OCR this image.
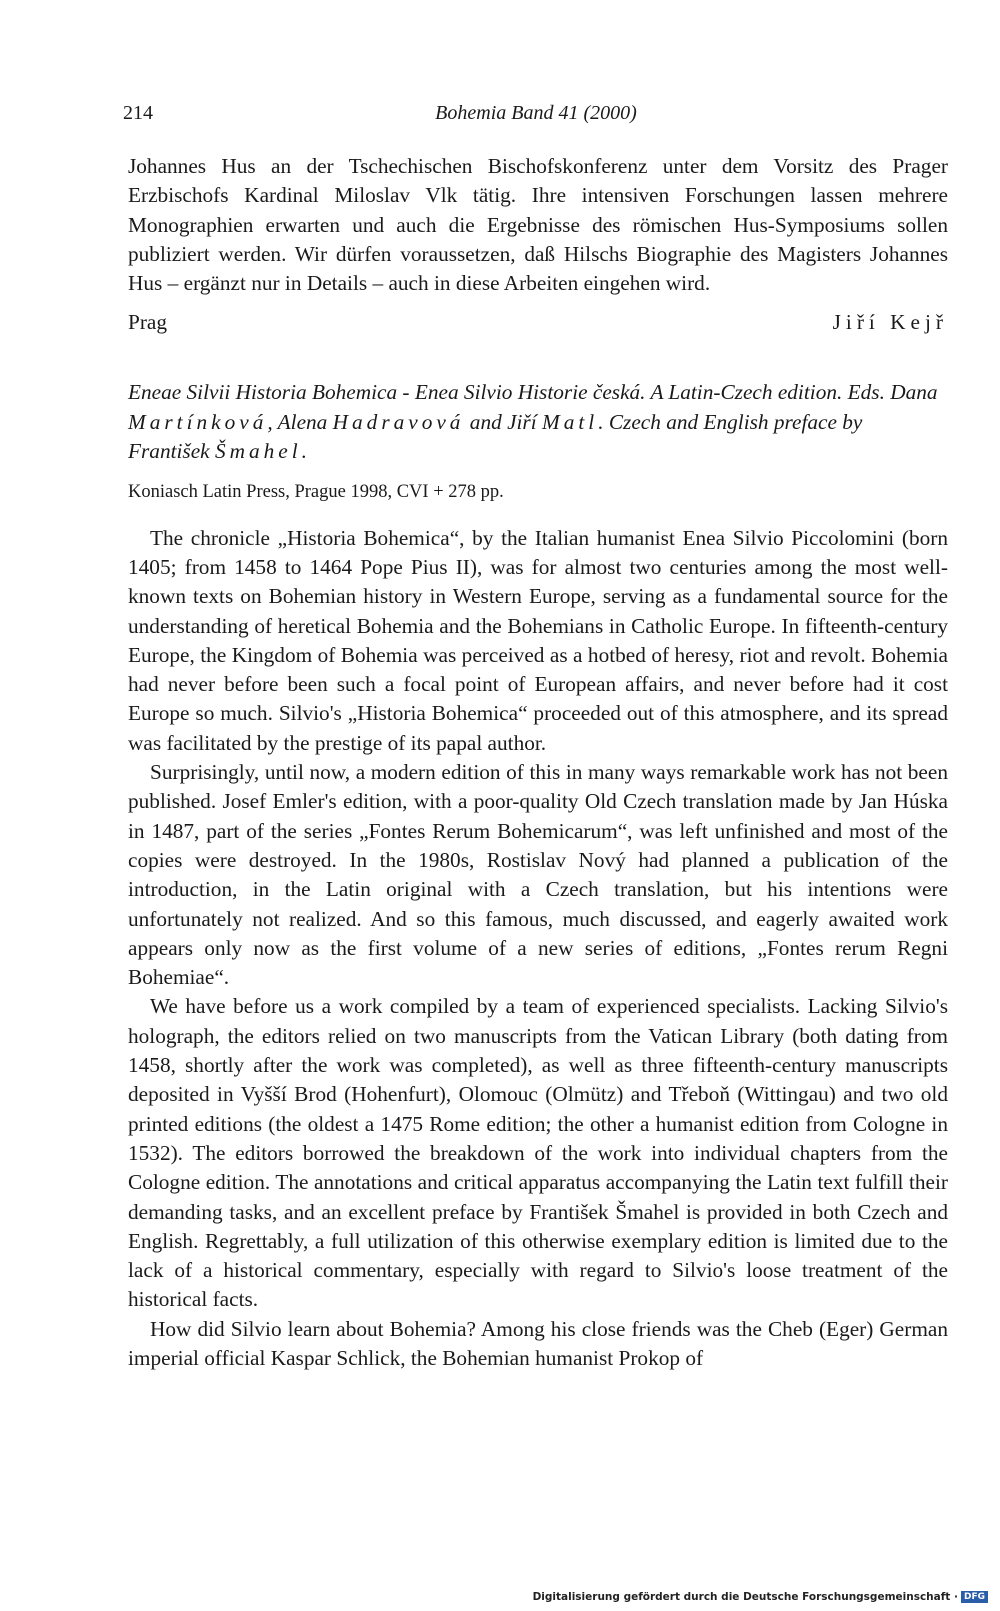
214	Bohemia Band 41 (2000)

Johannes Hus an der Tschechischen Bischofskonferenz unter dem Vorsitz des Prager Erzbischofs Kardinal Miloslav Vlk tätig. Ihre intensiven Forschungen lassen mehrere Monographien erwarten und auch die Ergebnisse des römischen Hus-Symposiums sollen publiziert werden. Wir dürfen voraussetzen, daß Hilschs Biographie des Magisters Johannes Hus – ergänzt nur in Details – auch in diese Arbeiten eingehen wird.

Prag	Jiří Kejř

Eneae Silvii Historia Bohemica - Enea Silvio Historie česká. A Latin-Czech edition. Eds. Dana Martínková, Alena Hadravová and Jiří Matl. Czech and English preface by František Šmahel.

Koniasch Latin Press, Prague 1998, CVI + 278 pp.

The chronicle „Historia Bohemica“, by the Italian humanist Enea Silvio Piccolomini (born 1405; from 1458 to 1464 Pope Pius II), was for almost two centuries among the most well-known texts on Bohemian history in Western Europe, serving as a fundamental source for the understanding of heretical Bohemia and the Bohemians in Catholic Europe. In fifteenth-century Europe, the Kingdom of Bohemia was perceived as a hotbed of heresy, riot and revolt. Bohemia had never before been such a focal point of European affairs, and never before had it cost Europe so much. Silvio's „Historia Bohemica“ proceeded out of this atmosphere, and its spread was facilitated by the prestige of its papal author.

Surprisingly, until now, a modern edition of this in many ways remarkable work has not been published. Josef Emler's edition, with a poor-quality Old Czech translation made by Jan Húska in 1487, part of the series „Fontes Rerum Bohemicarum“, was left unfinished and most of the copies were destroyed. In the 1980s, Rostislav Nový had planned a publication of the introduction, in the Latin original with a Czech translation, but his intentions were unfortunately not realized. And so this famous, much discussed, and eagerly awaited work appears only now as the first volume of a new series of editions, „Fontes rerum Regni Bohemiae“.

We have before us a work compiled by a team of experienced specialists. Lacking Silvio's holograph, the editors relied on two manuscripts from the Vatican Library (both dating from 1458, shortly after the work was completed), as well as three fifteenth-century manuscripts deposited in Vyšší Brod (Hohenfurt), Olomouc (Olmütz) and Třeboň (Wittingau) and two old printed editions (the oldest a 1475 Rome edition; the other a humanist edition from Cologne in 1532). The editors borrowed the breakdown of the work into individual chapters from the Cologne edition. The annotations and critical apparatus accompanying the Latin text fulfill their demanding tasks, and an excellent preface by František Šmahel is provided in both Czech and English. Regrettably, a full utilization of this otherwise exemplary edition is limited due to the lack of a historical commentary, especially with regard to Silvio's loose treatment of the historical facts.

How did Silvio learn about Bohemia? Among his close friends was the Cheb (Eger) German imperial official Kaspar Schlick, the Bohemian humanist Prokop of

Digitalisierung gefördert durch die Deutsche Forschungsgemeinschaft · DFG
